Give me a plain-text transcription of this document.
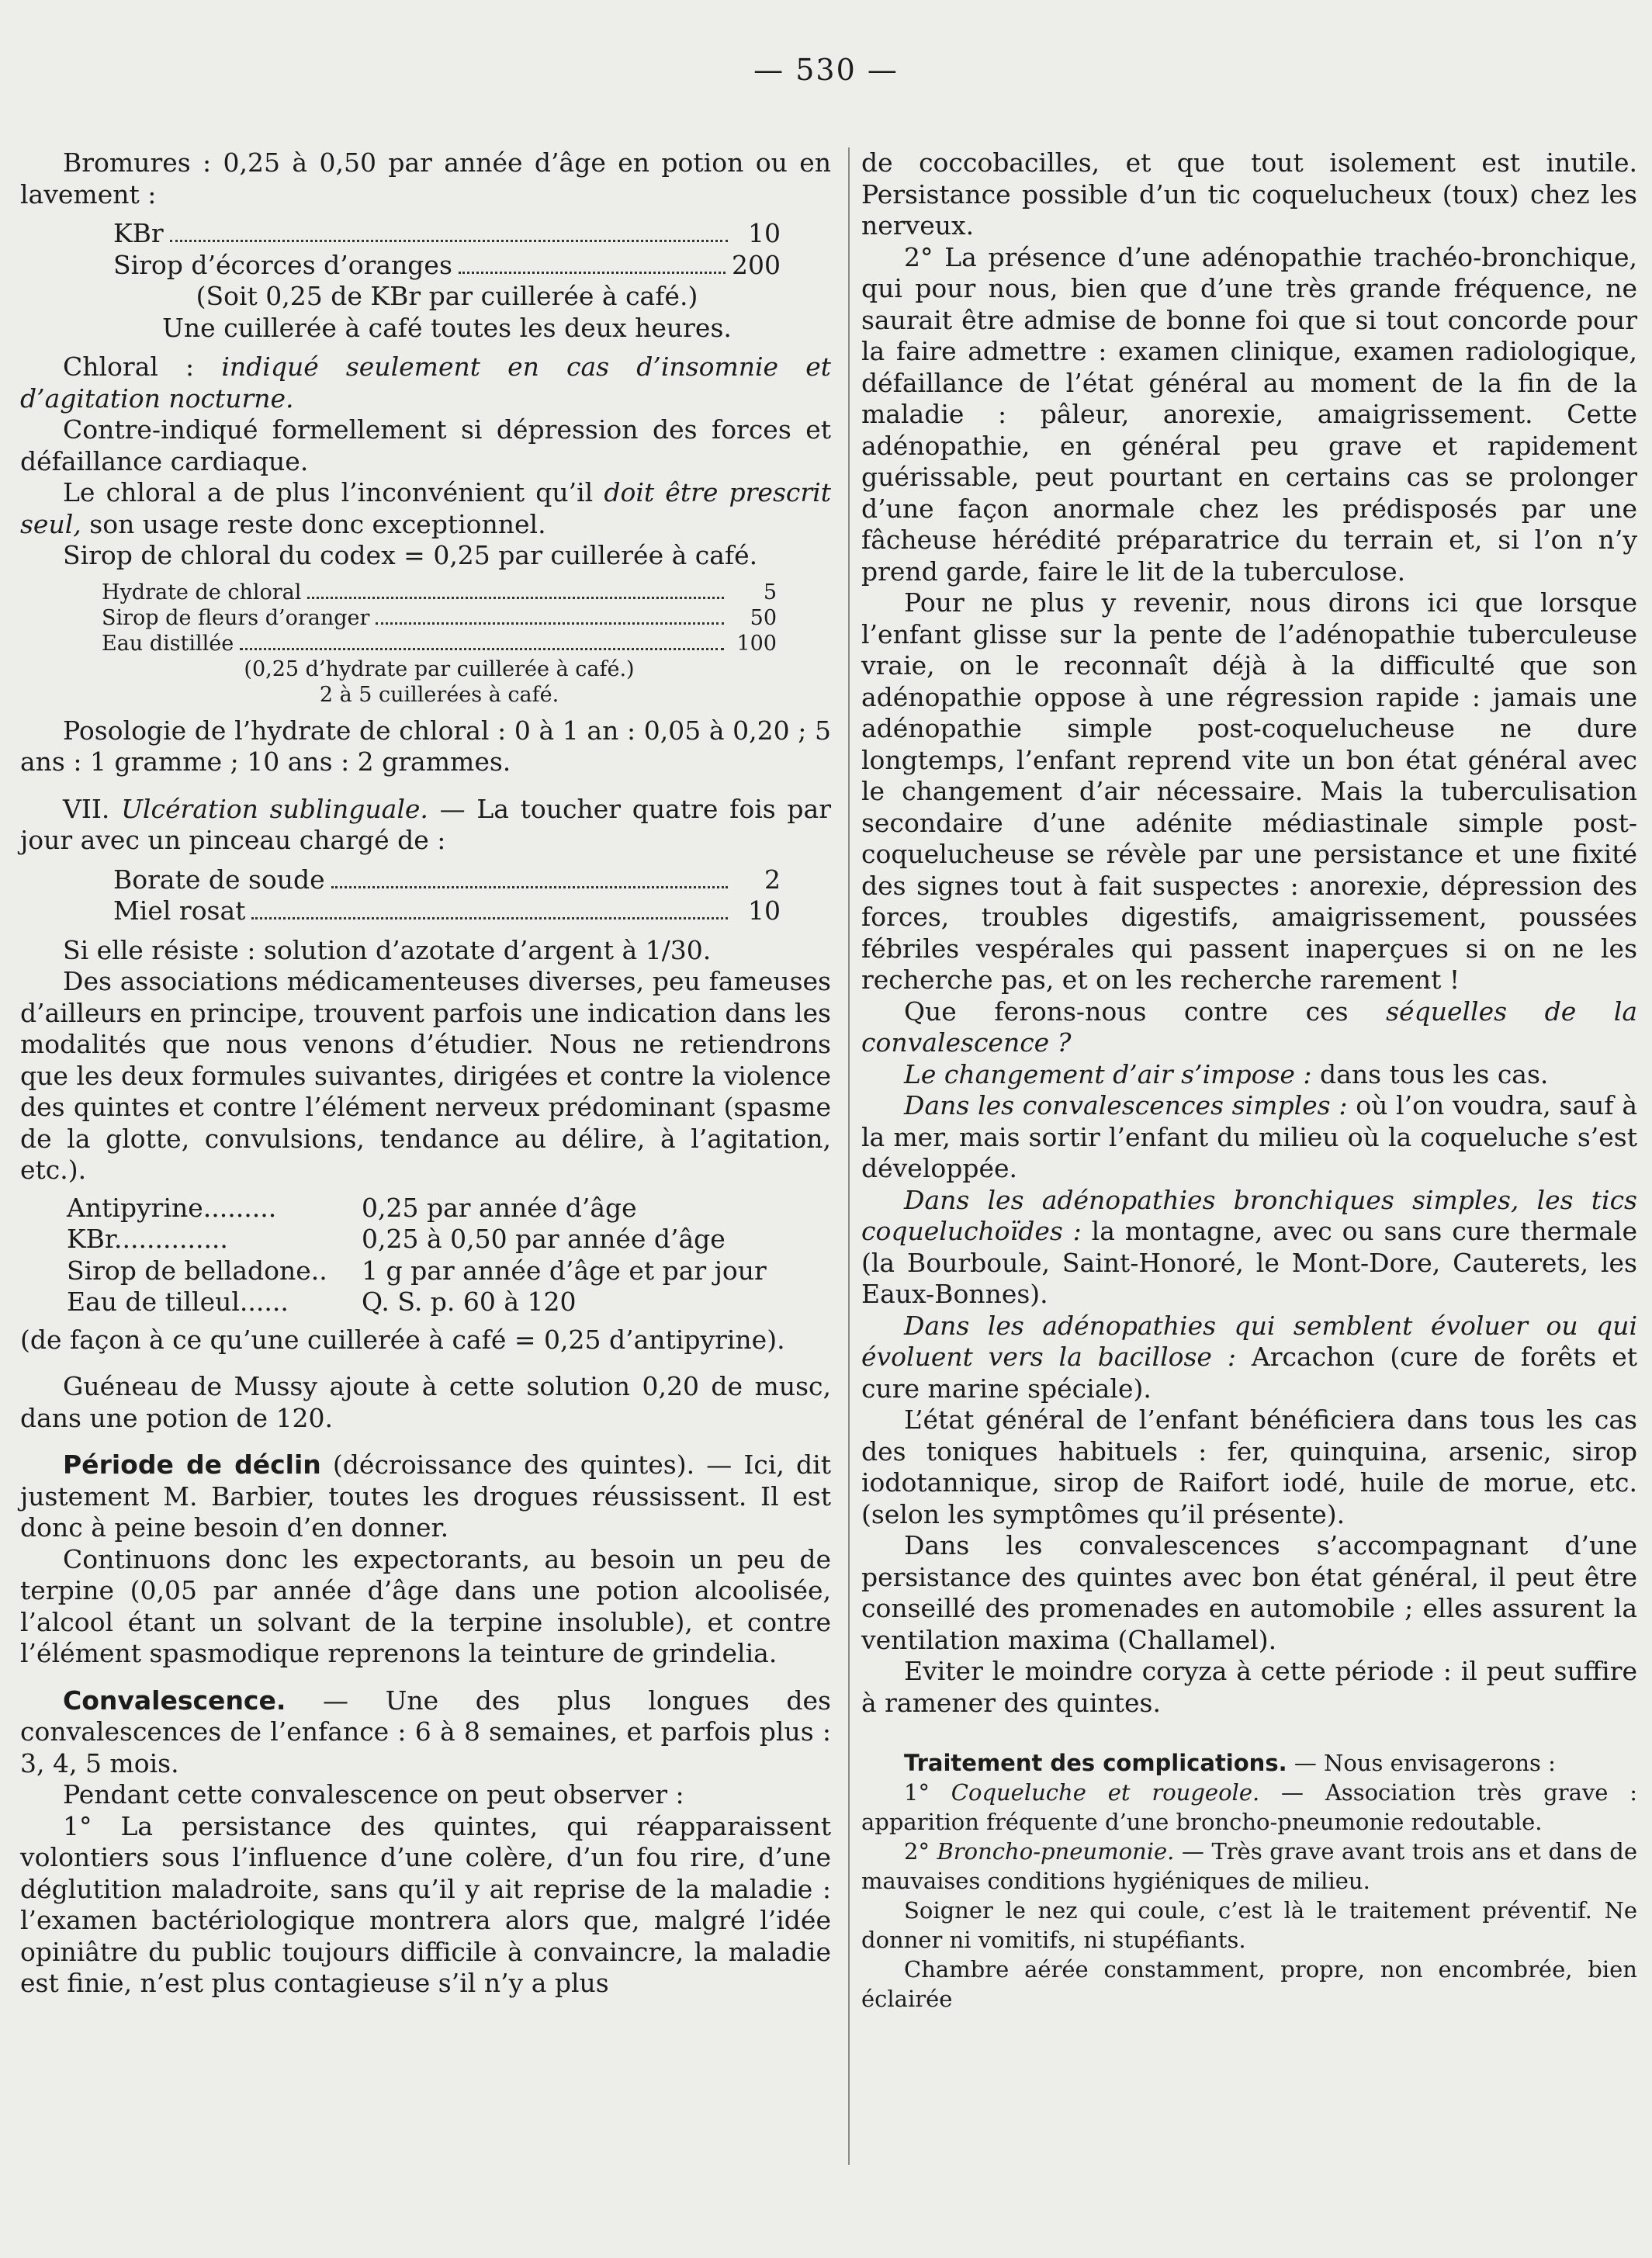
— 530 —

Bromures : 0,25 à 0,50 par année d’âge en potion ou en lavement :

KBr	10
Sirop d’écorces d’oranges	200
(Soit 0,25 de KBr par cuillerée à café.)
Une cuillerée à café toutes les deux heures.

Chloral : indiqué seulement en cas d’insomnie et d’agitation nocturne.

Contre-indiqué formellement si dépression des forces et défaillance cardiaque.

Le chloral a de plus l’inconvénient qu’il doit être prescrit seul, son usage reste donc exceptionnel.

Sirop de chloral du codex = 0,25 par cuillerée à café.

Hydrate de chloral	5
Sirop de fleurs d’oranger	50
Eau distillée	100
(0,25 d’hydrate par cuillerée à café.)
2 à 5 cuillerées à café.

Posologie de l’hydrate de chloral : 0 à 1 an : 0,05 à 0,20 ; 5 ans : 1 gramme ; 10 ans : 2 grammes.

VII. Ulcération sublinguale. — La toucher quatre fois par jour avec un pinceau chargé de :

Borate de soude	2
Miel rosat	10

Si elle résiste : solution d’azotate d’argent à 1/30.

Des associations médicamenteuses diverses, peu fameuses d’ailleurs en principe, trouvent parfois une indication dans les modalités que nous venons d’étudier. Nous ne retiendrons que les deux formules suivantes, dirigées et contre la violence des quintes et contre l’élément nerveux prédominant (spasme de la glotte, convulsions, tendance au délire, à l’agitation, etc.).

Antipyrine.........	0,25 par année d’âge
KBr..............	0,25 à 0,50 par année d’âge
Sirop de belladone..	1 g par année d’âge et par jour
Eau de tilleul......	Q. S. p. 60 à 120

(de façon à ce qu’une cuillerée à café = 0,25 d’antipyrine).

Guéneau de Mussy ajoute à cette solution 0,20 de musc, dans une potion de 120.

Période de déclin (décroissance des quintes). — Ici, dit justement M. Barbier, toutes les drogues réussissent. Il est donc à peine besoin d’en donner.

Continuons donc les expectorants, au besoin un peu de terpine (0,05 par année d’âge dans une potion alcoolisée, l’alcool étant un solvant de la terpine insoluble), et contre l’élément spasmodique reprenons la teinture de grindelia.

Convalescence. — Une des plus longues des convalescences de l’enfance : 6 à 8 semaines, et parfois plus : 3, 4, 5 mois.

Pendant cette convalescence on peut observer :

1° La persistance des quintes, qui réapparaissent volontiers sous l’influence d’une colère, d’un fou rire, d’une déglutition maladroite, sans qu’il y ait reprise de la maladie : l’examen bactériologique montrera alors que, malgré l’idée opiniâtre du public toujours difficile à convaincre, la maladie est finie, n’est plus contagieuse s’il n’y a plus

de coccobacilles, et que tout isolement est inutile. Persistance possible d’un tic coqueluchеux (toux) chez les nerveux.

2° La présence d’une adénopathie trachéo-bronchique, qui pour nous, bien que d’une très grande fréquence, ne saurait être admise de bonne foi que si tout concorde pour la faire admettre : examen clinique, examen radiologique, défaillance de l’état général au moment de la fin de la maladie : pâleur, anorexie, amaigrissement. Cette adénopathie, en général peu grave et rapidement guérissable, peut pourtant en certains cas se prolonger d’une façon anormale chez les prédisposés par une fâcheuse hérédité préparatrice du terrain et, si l’on n’y prend garde, faire le lit de la tuberculose.

Pour ne plus y revenir, nous dirons ici que lorsque l’enfant glisse sur la pente de l’adénopathie tuberculeuse vraie, on le reconnaît déjà à la difficulté que son adénopathie oppose à une régression rapide : jamais une adénopathie simple post-coquelucheuse ne dure longtemps, l’enfant reprend vite un bon état général avec le changement d’air nécessaire. Mais la tuberculisation secondaire d’une adénite médiastinale simple post-coquelucheuse se révèle par une persistance et une fixité des signes tout à fait suspectes : anorexie, dépression des forces, troubles digestifs, amaigrissement, poussées fébriles vespérales qui passent inaperçues si on ne les recherche pas, et on les recherche rarement !

Que ferons-nous contre ces séquelles de la convalescence ?

Le changement d’air s’impose : dans tous les cas.

Dans les convalescences simples : où l’on voudra, sauf à la mer, mais sortir l’enfant du milieu où la coqueluche s’est développée.

Dans les adénopathies bronchiques simples, les tics coqueluchoïdes : la montagne, avec ou sans cure thermale (la Bourboule, Saint-Honoré, le Mont-Dore, Cauterets, les Eaux-Bonnes).

Dans les adénopathies qui semblent évoluer ou qui évoluent vers la bacillose : Arcachon (cure de forêts et cure marine spéciale).

L’état général de l’enfant bénéficiera dans tous les cas des toniques habituels : fer, quinquina, arsenic, sirop iodotannique, sirop de Raifort iodé, huile de morue, etc. (selon les symptômes qu’il présente).

Dans les convalescences s’accompagnant d’une persistance des quintes avec bon état général, il peut être conseillé des promenades en automobile ; elles assurent la ventilation maxima (Challamel).

Eviter le moindre coryza à cette période : il peut suffire à ramener des quintes.

Traitement des complications. — Nous envisagerons :

1° Coqueluche et rougeole. — Association très grave : apparition fréquente d’une broncho-pneumonie redoutable.

2° Broncho-pneumonie. — Très grave avant trois ans et dans de mauvaises conditions hygiéniques de milieu.

Soigner le nez qui coule, c’est là le traitement préventif. Ne donner ni vomitifs, ni stupéfiants.

Chambre aérée constamment, propre, non encombrée, bien éclairée
